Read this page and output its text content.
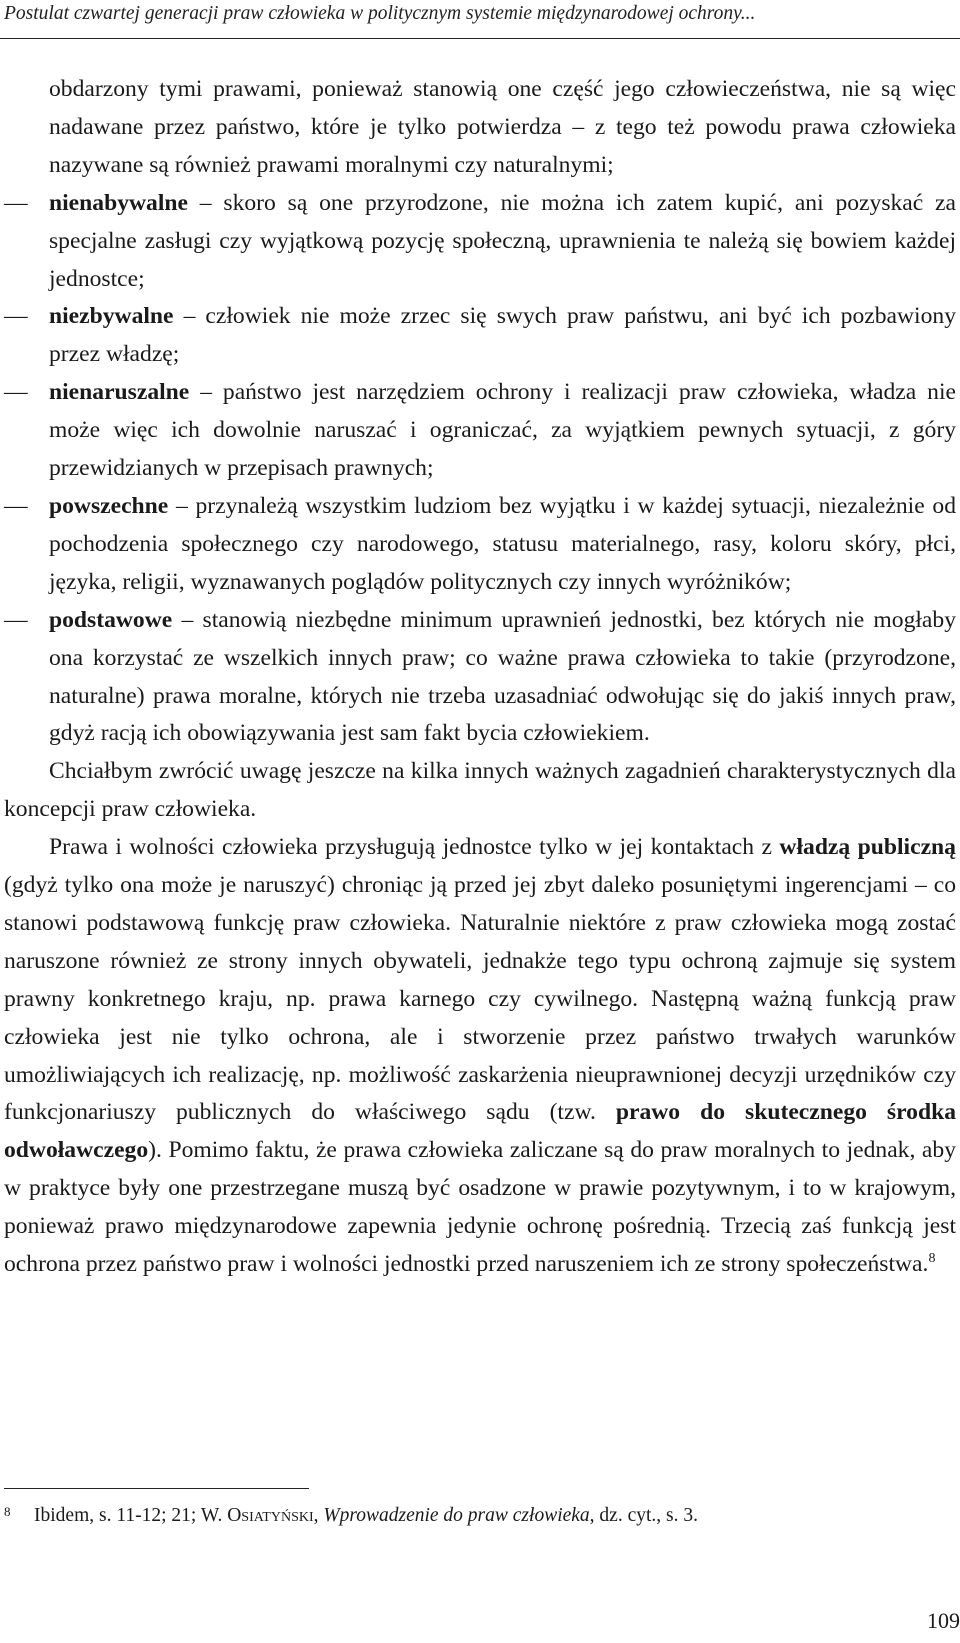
Postulat czwartej generacji praw człowieka w politycznym systemie międzynarodowej ochrony...

obdarzony tymi prawami, ponieważ stanowią one część jego człowieczeństwa, nie są więc nadawane przez państwo, które je tylko potwierdza – z tego też powodu prawa człowieka nazywane są również prawami moralnymi czy naturalnymi;

— nienabywalne – skoro są one przyrodzone, nie można ich zatem kupić, ani pozyskać za specjalne zasługi czy wyjątkową pozycję społeczną, uprawnienia te należą się bowiem każdej jednostce;

— niezbywalne – człowiek nie może zrzec się swych praw państwu, ani być ich pozbawiony przez władzę;

— nienaruszalne – państwo jest narzędziem ochrony i realizacji praw człowieka, władza nie może więc ich dowolnie naruszać i ograniczać, za wyjątkiem pewnych sytuacji, z góry przewidzianych w przepisach prawnych;

— powszechne – przynależą wszystkim ludziom bez wyjątku i w każdej sytuacji, niezależnie od pochodzenia społecznego czy narodowego, statusu materialnego, rasy, koloru skóry, płci, języka, religii, wyznawanych poglądów politycznych czy innych wyróżników;

— podstawowe – stanowią niezbędne minimum uprawnień jednostki, bez których nie mogłaby ona korzystać ze wszelkich innych praw; co ważne prawa człowieka to takie (przyrodzone, naturalne) prawa moralne, których nie trzeba uzasadniać odwołując się do jakiś innych praw, gdyż racją ich obowiązywania jest sam fakt bycia człowiekiem.

Chciałbym zwrócić uwagę jeszcze na kilka innych ważnych zagadnień charakterystycznych dla koncepcji praw człowieka.

Prawa i wolności człowieka przysługują jednostce tylko w jej kontaktach z władzą publiczną (gdyż tylko ona może je naruszyć) chroniąc ją przed jej zbyt daleko posuniętymi ingerencjami – co stanowi podstawową funkcję praw człowieka. Naturalnie niektóre z praw człowieka mogą zostać naruszone również ze strony innych obywateli, jednakże tego typu ochroną zajmuje się system prawny konkretnego kraju, np. prawa karnego czy cywilnego. Następną ważną funkcją praw człowieka jest nie tylko ochrona, ale i stworzenie przez państwo trwałych warunków umożliwiających ich realizację, np. możliwość zaskarżenia nieuprawnionej decyzji urzędników czy funkcjonariuszy publicznych do właściwego sądu (tzw. prawo do skutecznego środka odwoławczego). Pomimo faktu, że prawa człowieka zaliczane są do praw moralnych to jednak, aby w praktyce były one przestrzegane muszą być osadzone w prawie pozytywnym, i to w krajowym, ponieważ prawo międzynarodowe zapewnia jedynie ochronę pośrednią. Trzecią zaś funkcją jest ochrona przez państwo praw i wolności jednostki przed naruszeniem ich ze strony społeczeństwa.$^8$

8 Ibidem, s. 11-12; 21; W. Osiatyński, Wprowadzenie do praw człowieka, dz. cyt., s. 3.
109
